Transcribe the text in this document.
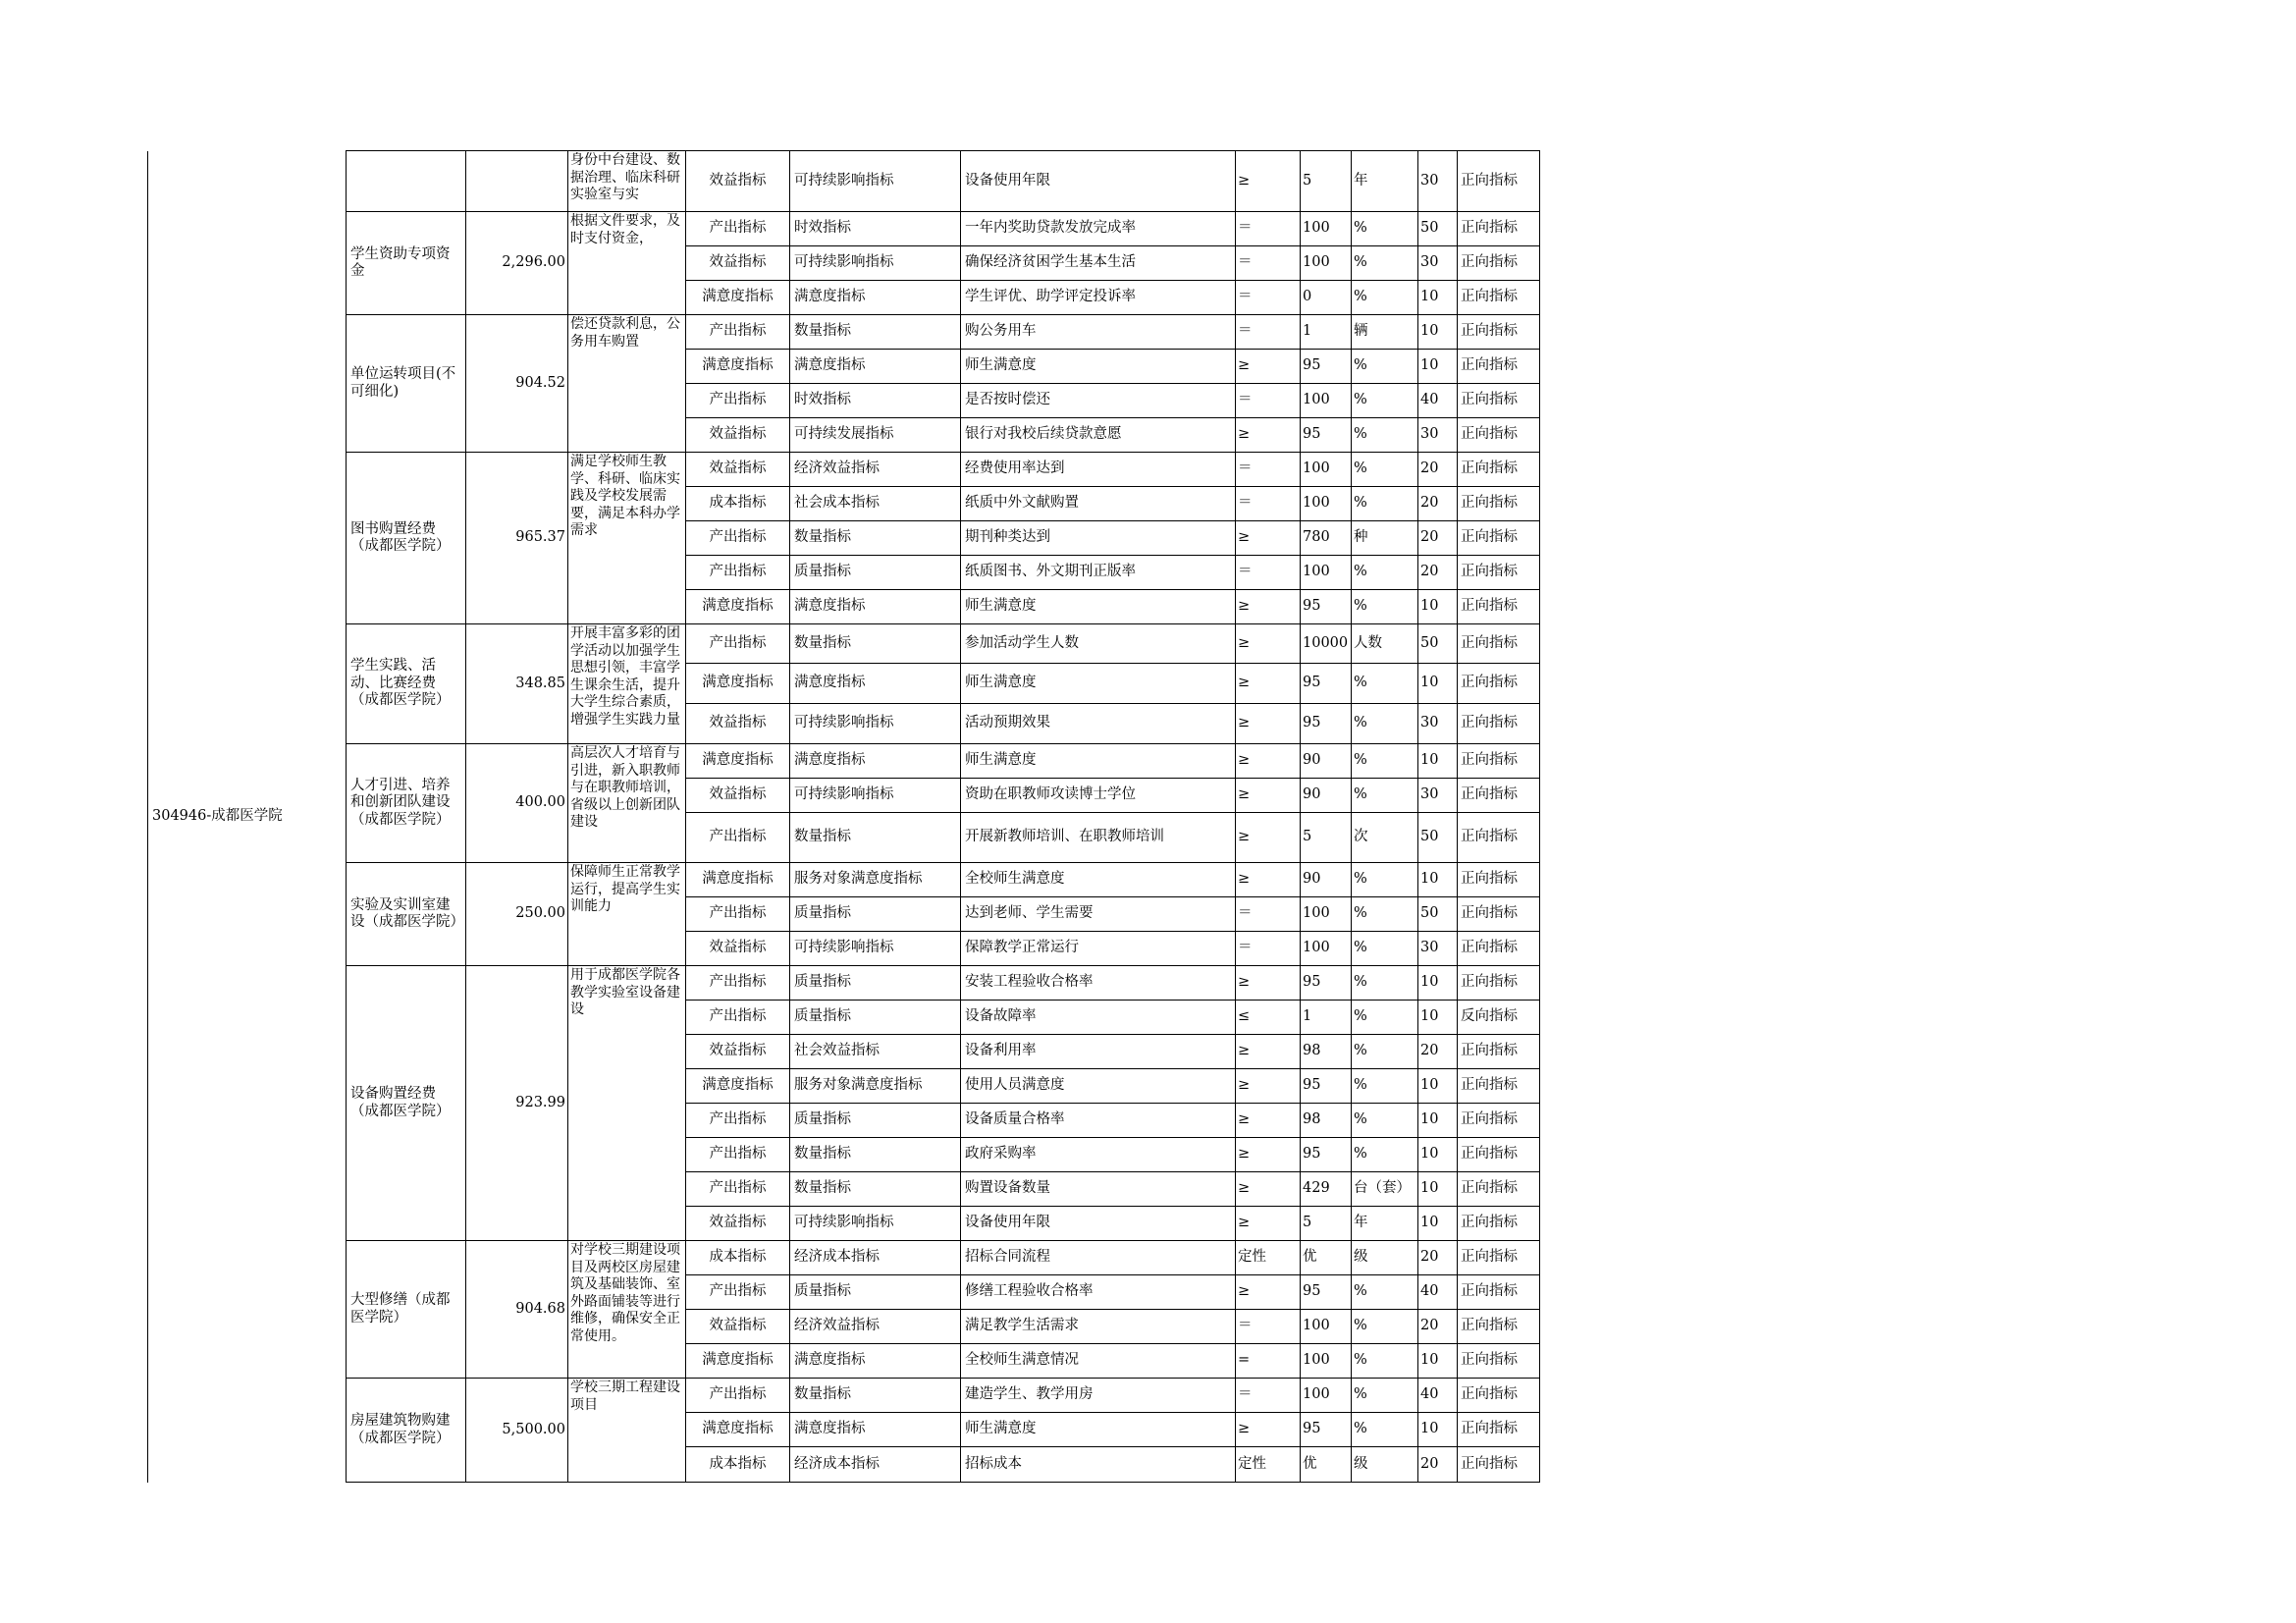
304946-成都医学院			身份中台建设、数据治理、临床科研实验室与实	效益指标	可持续影响指标	设备使用年限	≥	5	年	30	正向指标
	学生资助专项资金	2,296.00	根据文件要求，及时支付资金，	产出指标	时效指标	一年内奖助贷款发放完成率	＝	100	%	50	正向指标
				效益指标	可持续影响指标	确保经济贫困学生基本生活	＝	100	%	30	正向指标
				满意度指标	满意度指标	学生评优、助学评定投诉率	＝	0	%	10	正向指标
	单位运转项目(不可细化)	904.52	偿还贷款利息，公务用车购置	产出指标	数量指标	购公务用车	＝	1	辆	10	正向指标
				满意度指标	满意度指标	师生满意度	≥	95	%	10	正向指标
				产出指标	时效指标	是否按时偿还	＝	100	%	40	正向指标
				效益指标	可持续发展指标	银行对我校后续贷款意愿	≥	95	%	30	正向指标
	图书购置经费（成都医学院）	965.37	满足学校师生教学、科研、临床实践及学校发展需要，满足本科办学需求	效益指标	经济效益指标	经费使用率达到	＝	100	%	20	正向指标
				成本指标	社会成本指标	纸质中外文献购置	＝	100	%	20	正向指标
				产出指标	数量指标	期刊种类达到	≥	780	种	20	正向指标
				产出指标	质量指标	纸质图书、外文期刊正版率	＝	100	%	20	正向指标
				满意度指标	满意度指标	师生满意度	≥	95	%	10	正向指标
	学生实践、活动、比赛经费（成都医学院）	348.85	开展丰富多彩的团学活动以加强学生思想引领，丰富学生课余生活，提升大学生综合素质，增强学生实践力量	产出指标	数量指标	参加活动学生人数	≥	10000	人数	50	正向指标
				满意度指标	满意度指标	师生满意度	≥	95	%	10	正向指标
				效益指标	可持续影响指标	活动预期效果	≥	95	%	30	正向指标
	人才引进、培养和创新团队建设（成都医学院）	400.00	高层次人才培育与引进，新入职教师与在职教师培训，省级以上创新团队建设	满意度指标	满意度指标	师生满意度	≥	90	%	10	正向指标
				效益指标	可持续影响指标	资助在职教师攻读博士学位	≥	90	%	30	正向指标
				产出指标	数量指标	开展新教师培训、在职教师培训	≥	5	次	50	正向指标
	实验及实训室建设（成都医学院）	250.00	保障师生正常教学运行，提高学生实训能力	满意度指标	服务对象满意度指标	全校师生满意度	≥	90	%	10	正向指标
				产出指标	质量指标	达到老师、学生需要	＝	100	%	50	正向指标
				效益指标	可持续影响指标	保障教学正常运行	＝	100	%	30	正向指标
	设备购置经费（成都医学院）	923.99	用于成都医学院各教学实验室设备建设	产出指标	质量指标	安装工程验收合格率	≥	95	%	10	正向指标
				产出指标	质量指标	设备故障率	≤	1	%	10	反向指标
				效益指标	社会效益指标	设备利用率	≥	98	%	20	正向指标
				满意度指标	服务对象满意度指标	使用人员满意度	≥	95	%	10	正向指标
				产出指标	质量指标	设备质量合格率	≥	98	%	10	正向指标
				产出指标	数量指标	政府采购率	≥	95	%	10	正向指标
				产出指标	数量指标	购置设备数量	≥	429	台（套）	10	正向指标
				效益指标	可持续影响指标	设备使用年限	≥	5	年	10	正向指标
	大型修缮（成都医学院）	904.68	对学校三期建设项目及两校区房屋建筑及基础装饰、室外路面铺装等进行维修，确保安全正常使用。	成本指标	经济成本指标	招标合同流程	定性	优	级	20	正向指标
				产出指标	质量指标	修缮工程验收合格率	≥	95	%	40	正向指标
				效益指标	经济效益指标	满足教学生活需求	＝	100	%	20	正向指标
				满意度指标	满意度指标	全校师生满意情况	=	100	%	10	正向指标
	房屋建筑物购建（成都医学院）	5,500.00	学校三期工程建设项目	产出指标	数量指标	建造学生、教学用房	＝	100	%	40	正向指标
				满意度指标	满意度指标	师生满意度	≥	95	%	10	正向指标
				成本指标	经济成本指标	招标成本	定性	优	级	20	正向指标
